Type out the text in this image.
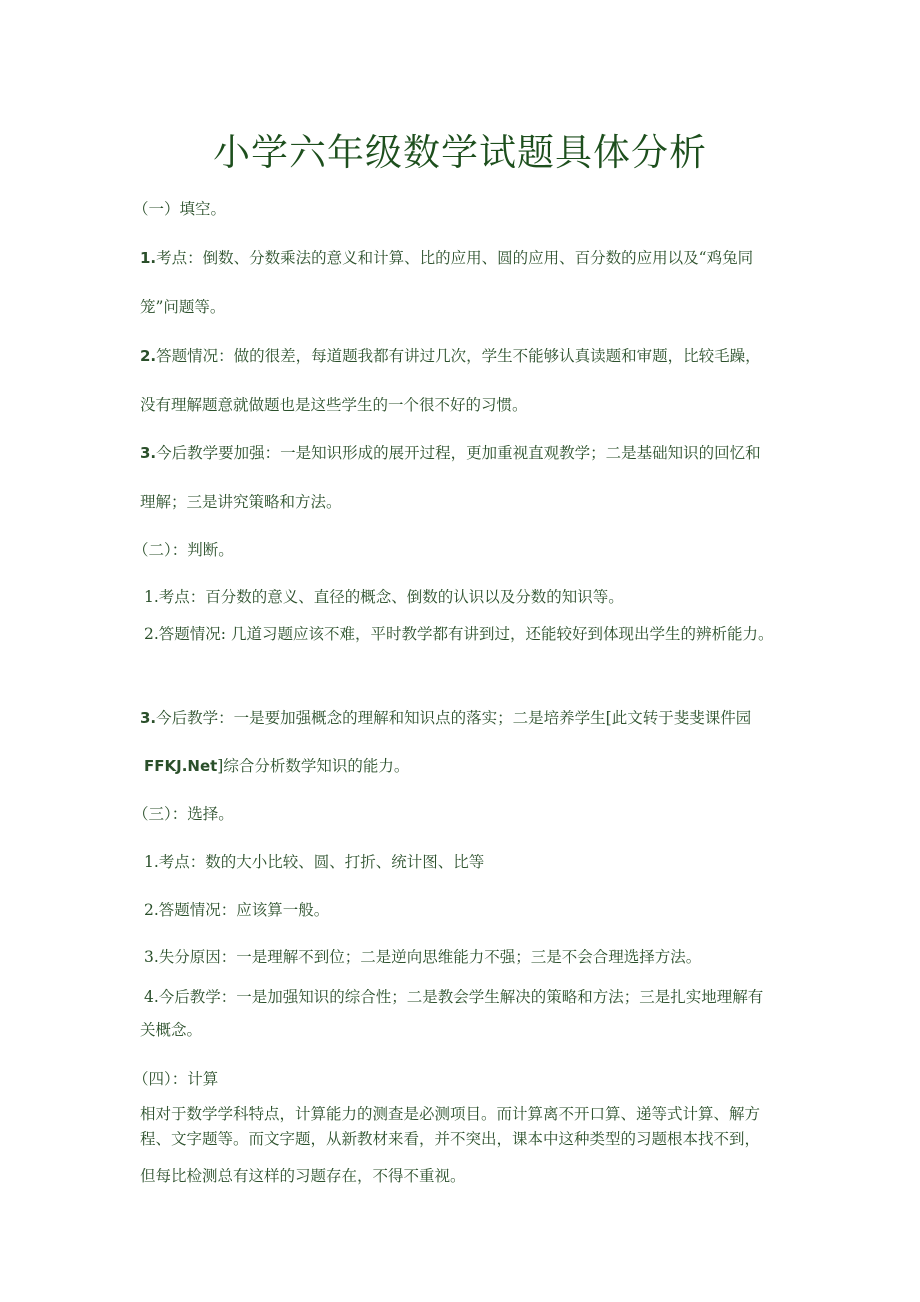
小学六年级数学试题具体分析
（一）填空。
1.考点：倒数、分数乘法的意义和计算、比的应用、圆的应用、百分数的应用以及“鸡兔同
笼”问题等。
2.答题情况：做的很差，每道题我都有讲过几次，学生不能够认真读题和审题，比较毛躁，
没有理解题意就做题也是这些学生的一个很不好的习惯。
3.今后教学要加强：一是知识形成的展开过程，更加重视直观教学；二是基础知识的回忆和
理解；三是讲究策略和方法。
（二）：判断。
1.考点：百分数的意义、直径的概念、倒数的认识以及分数的知识等。
2.答题情况: 几道习题应该不难，平时教学都有讲到过，还能较好到体现出学生的辨析能力。
3.今后教学：一是要加强概念的理解和知识点的落实；二是培养学生[此文转于斐斐课件园
FFKJ.Net]综合分析数学知识的能力。
（三）：选择。
1.考点：数的大小比较、圆、打折、统计图、比等
2.答题情况：应该算一般。
3.失分原因：一是理解不到位；二是逆向思维能力不强；三是不会合理选择方法。
4.今后教学：一是加强知识的综合性；二是教会学生解决的策略和方法；三是扎实地理解有
关概念。
（四）：计算
相对于数学学科特点，计算能力的测查是必测项目。而计算离不开口算、递等式计算、解方
程、文字题等。而文字题，从新教材来看，并不突出，课本中这种类型的习题根本找不到，
但每比检测总有这样的习题存在，不得不重视。
